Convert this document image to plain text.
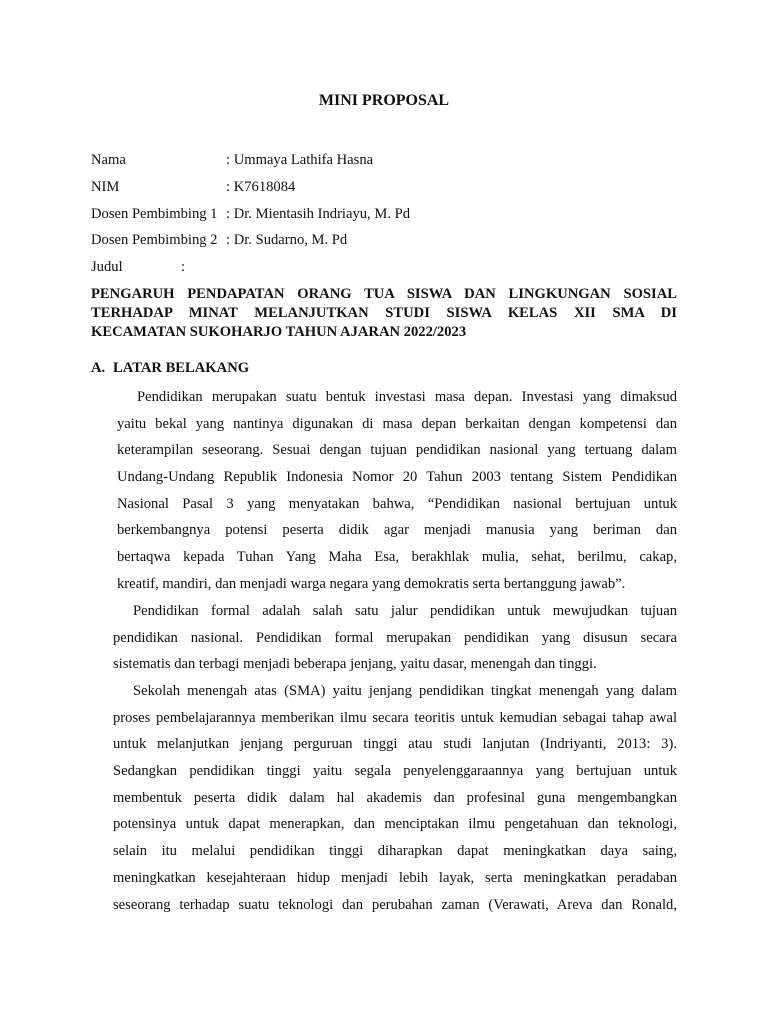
MINI PROPOSAL
Nama	: Ummaya Lathifa Hasna
NIM	: K7618084
Dosen Pembimbing 1 : Dr. Mientasih Indriayu, M. Pd
Dosen Pembimbing 2 : Dr. Sudarno, M. Pd
Judul	:
PENGARUH PENDAPATAN ORANG TUA SISWA DAN LINGKUNGAN SOSIAL
TERHADAP MINAT MELANJUTKAN STUDI SISWA KELAS XII SMA DI
KECAMATAN SUKOHARJO TAHUN AJARAN 2022/2023
A. LATAR BELAKANG
Pendidikan merupakan suatu bentuk investasi masa depan. Investasi yang dimaksud
yaitu bekal yang nantinya digunakan di masa depan berkaitan dengan kompetensi dan
keterampilan seseorang. Sesuai dengan tujuan pendidikan nasional yang tertuang dalam
Undang-Undang Republik Indonesia Nomor 20 Tahun 2003 tentang Sistem Pendidikan
Nasional Pasal 3 yang menyatakan bahwa, “Pendidikan nasional bertujuan untuk
berkembangnya potensi peserta didik agar menjadi manusia yang beriman dan
bertaqwa kepada Tuhan Yang Maha Esa, berakhlak mulia, sehat, berilmu, cakap,
kreatif, mandiri, dan menjadi warga negara yang demokratis serta bertanggung jawab”.
Pendidikan formal adalah salah satu jalur pendidikan untuk mewujudkan tujuan
pendidikan nasional. Pendidikan formal merupakan pendidikan yang disusun secara
sistematis dan terbagi menjadi beberapa jenjang, yaitu dasar, menengah dan tinggi.
Sekolah menengah atas (SMA) yaitu jenjang pendidikan tingkat menengah yang dalam
proses pembelajarannya memberikan ilmu secara teoritis untuk kemudian sebagai tahap awal
untuk melanjutkan jenjang perguruan tinggi atau studi lanjutan (Indriyanti, 2013: 3).
Sedangkan pendidikan tinggi yaitu segala penyelenggaraannya yang bertujuan untuk
membentuk peserta didik dalam hal akademis dan profesinal guna mengembangkan
potensinya untuk dapat menerapkan, dan menciptakan ilmu pengetahuan dan teknologi,
selain itu melalui pendidikan tinggi diharapkan dapat meningkatkan daya saing,
meningkatkan kesejahteraan hidup menjadi lebih layak, serta meningkatkan peradaban
seseorang terhadap suatu teknologi dan perubahan zaman (Verawati, Areva dan Ronald,
